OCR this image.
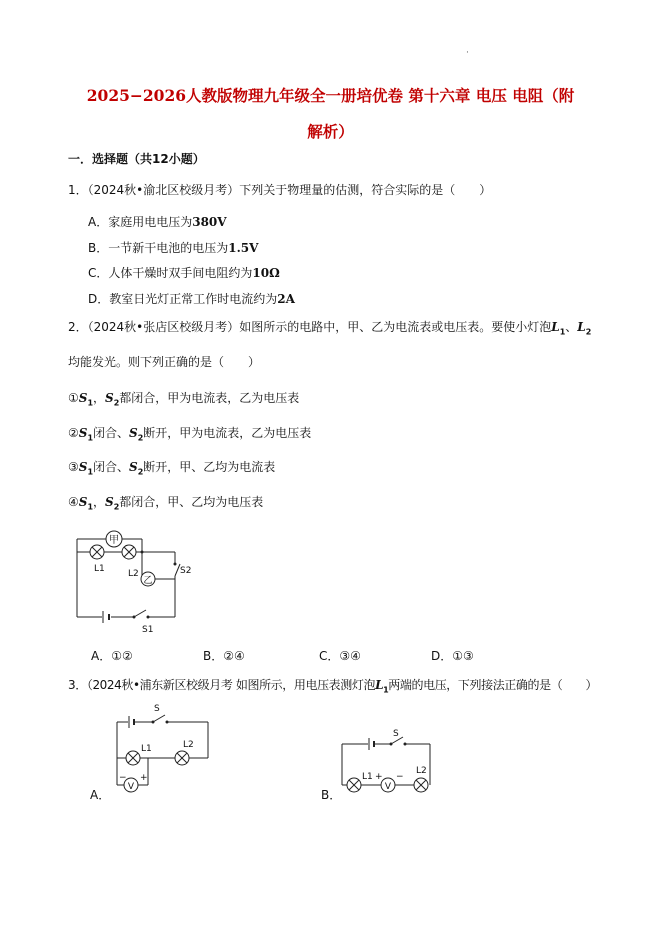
·
2025−2026人教版物理九年级全一册培优卷 第十六章 电压 电阻（附
解析）
一．选择题（共12小题）
1．（2024秋•渝北区校级月考）下列关于物理量的估测，符合实际的是（　　）
A．家庭用电电压为380V
B．一节新干电池的电压为1.5V
C．人体干燥时双手间电阻约为10Ω
D．教室日光灯正常工作时电流约为2A
2．（2024秋•张店区校级月考）如图所示的电路中，甲、乙为电流表或电压表。要使小灯泡$L_1$、$L_2$
均能发光。则下列正确的是（　　）
$①S_1$，$S_2$都闭合，甲为电流表，乙为电压表
$②S_1$闭合、$S_2$断开，甲为电流表，乙为电压表
$③S_1$闭合、$S_2$断开，甲、乙均为电流表
$④S_1$，$S_2$都闭合，甲、乙均为电压表
甲
L1	L2
乙
S2
S1
A．①②	B．②④	C．③④	D．①③
3．（2024秋•浦东新区校级月考 如图所示，用电压表测灯泡$L_1$两端的电压，下列接法正确的是（　　）
A．
S
L1	L2
V
− +
B．
S
L1 +
V
−
L2
